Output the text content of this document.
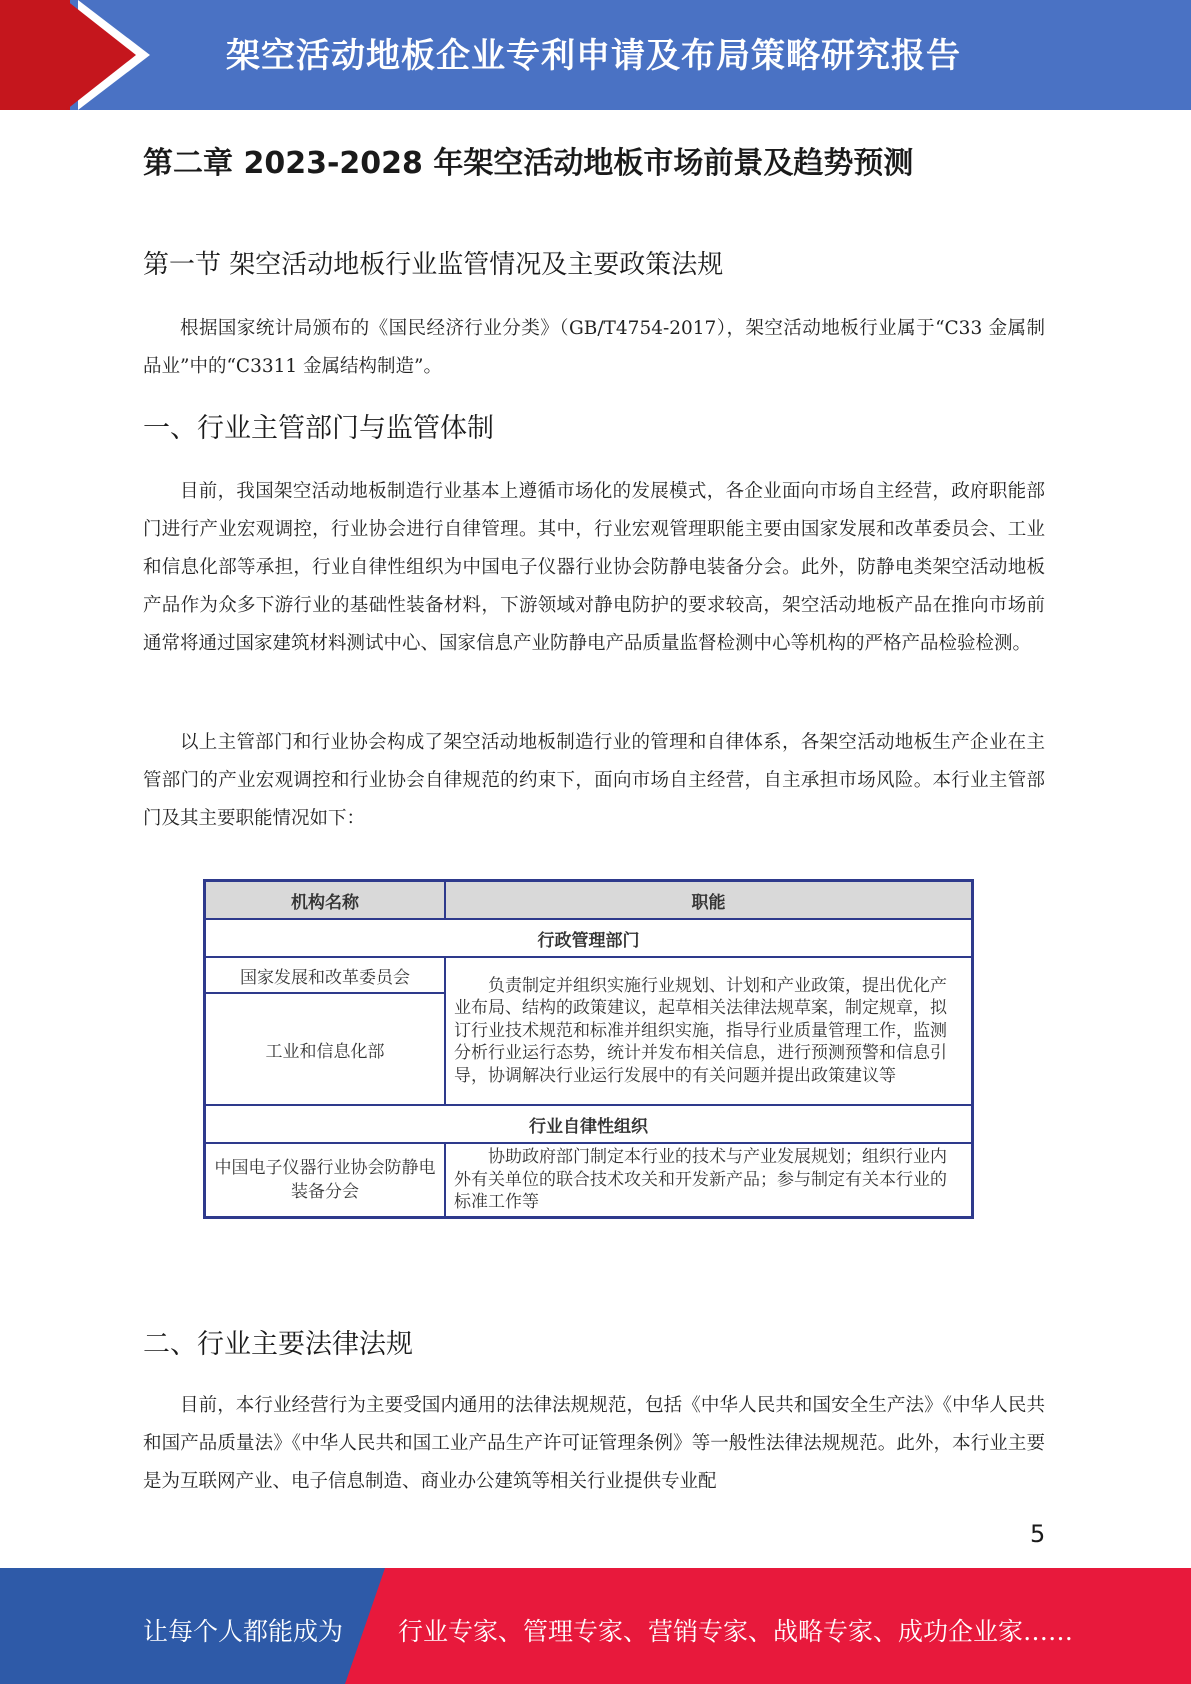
架空活动地板企业专利申请及布局策略研究报告
第二章 2023-2028 年架空活动地板市场前景及趋势预测
第一节 架空活动地板行业监管情况及主要政策法规
根据国家统计局颁布的《国民经济行业分类》（GB/T4754-2017），架空活动地板行业属于“C33 金属制品业”中的“C3311 金属结构制造”。
一、行业主管部门与监管体制
目前，我国架空活动地板制造行业基本上遵循市场化的发展模式，各企业面向市场自主经营，政府职能部门进行产业宏观调控，行业协会进行自律管理。其中，行业宏观管理职能主要由国家发展和改革委员会、工业和信息化部等承担，行业自律性组织为中国电子仪器行业协会防静电装备分会。此外，防静电类架空活动地板产品作为众多下游行业的基础性装备材料，下游领域对静电防护的要求较高，架空活动地板产品在推向市场前通常将通过国家建筑材料测试中心、国家信息产业防静电产品质量监督检测中心等机构的严格产品检验检测。
以上主管部门和行业协会构成了架空活动地板制造行业的管理和自律体系，各架空活动地板生产企业在主管部门的产业宏观调控和行业协会自律规范的约束下，面向市场自主经营，自主承担市场风险。本行业主管部门及其主要职能情况如下：
二、行业主要法律法规
目前，本行业经营行为主要受国内通用的法律法规规范，包括《中华人民共和国安全生产法》《中华人民共和国产品质量法》《中华人民共和国工业产品生产许可证管理条例》等一般性法律法规规范。此外，本行业主要是为互联网产业、电子信息制造、商业办公建筑等相关行业提供专业配
机构名称	职能
行政管理部门	
国家发展和改革委员会	负责制定并组织实施行业规划、计划和产业政策，提出优化产业布局、结构的政策建议，起草相关法律法规草案，制定规章，拟订行业技术规范和标准并组织实施，指导行业质量管理工作，监测分析行业运行态势，统计并发布相关信息，进行预测预警和信息引导，协调解决行业运行发展中的有关问题并提出政策建议等
工业和信息化部	
行业自律性组织	
中国电子仪器行业协会防静电装备分会	协助政府部门制定本行业的技术与产业发展规划；组织行业内外有关单位的联合技术攻关和开发新产品；参与制定有关本行业的标准工作等
5
让每个人都能成为 行业专家、管理专家、营销专家、战略专家、成功企业家……
